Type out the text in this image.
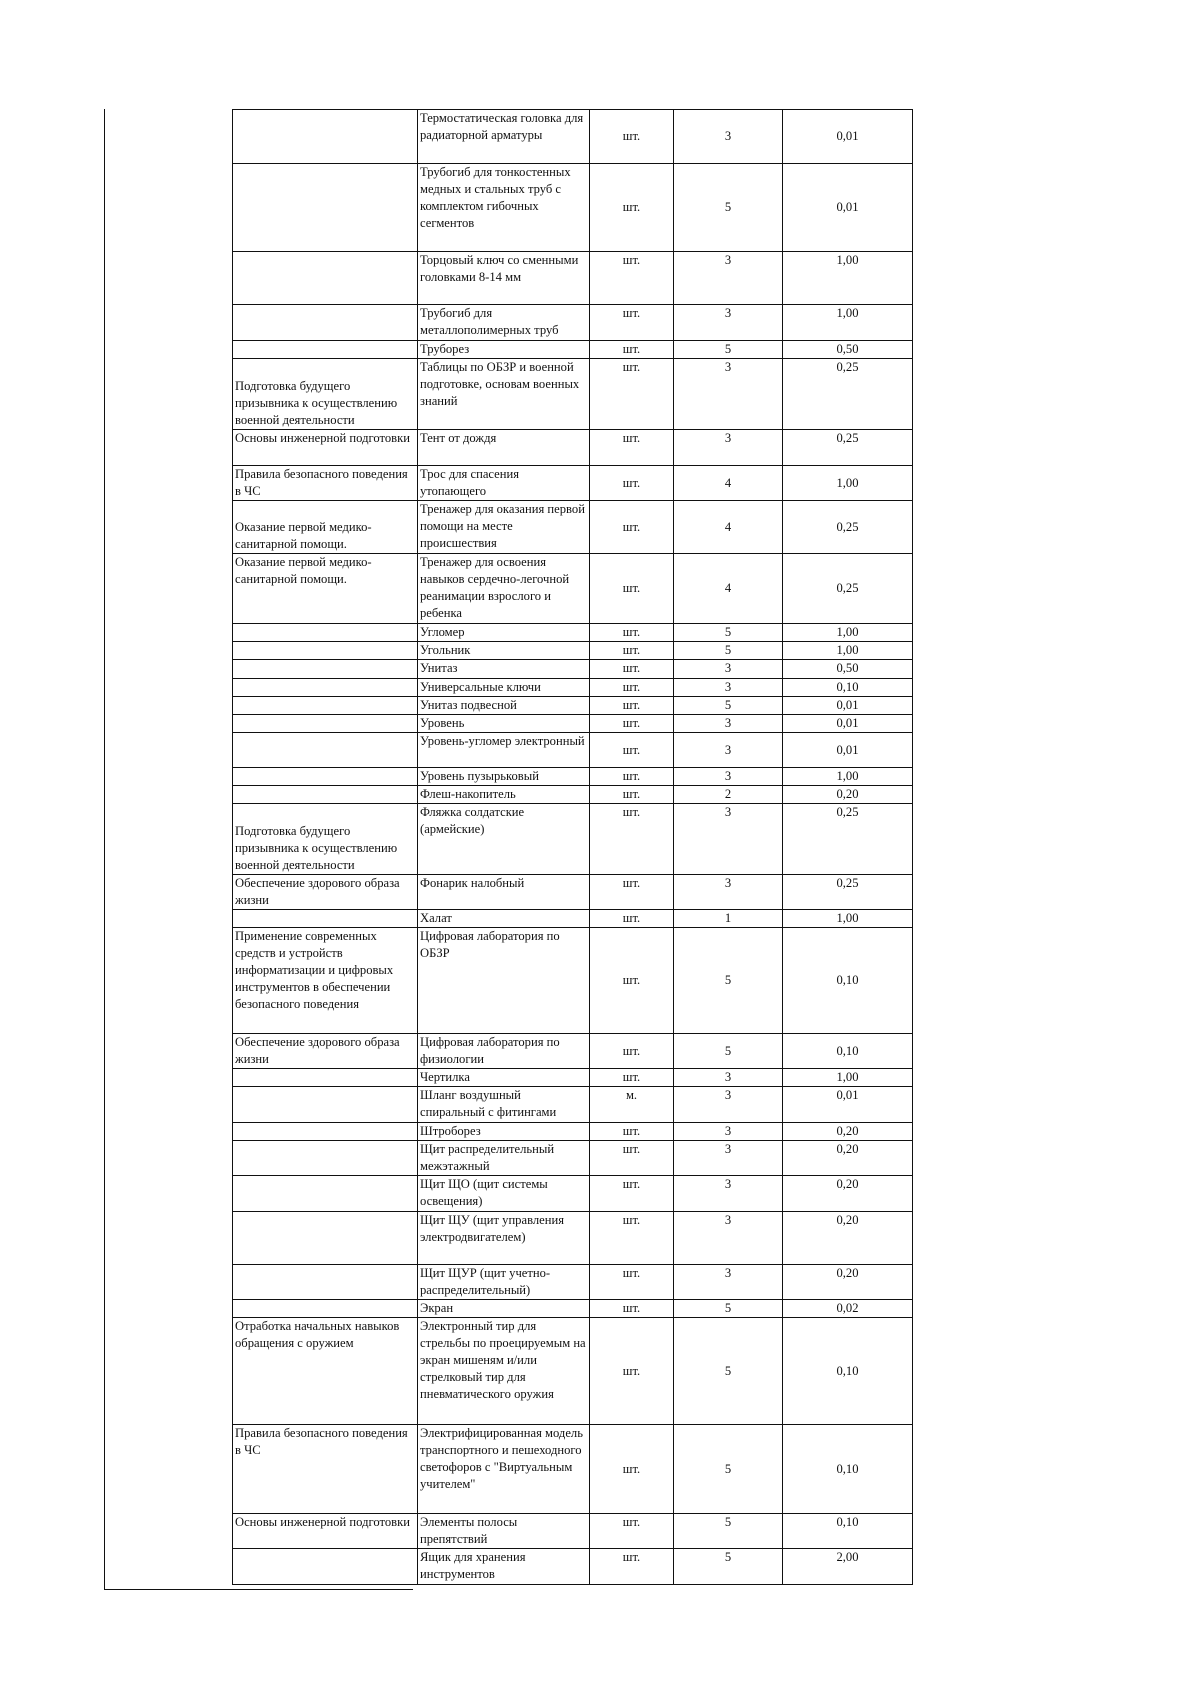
	Термостатическая головка для радиаторной арматуры	шт.	3	0,01
	Трубогиб для тонкостенных медных и стальных труб с комплектом гибочных сегментов	шт.	5	0,01
	Торцовый ключ со сменными головками 8-14 мм	шт.	3	1,00
	Трубогиб для металлополимерных труб	шт.	3	1,00
	Труборез	шт.	5	0,50
Подготовка будущего призывника к осуществлению военной деятельности	Таблицы по ОБЗР и военной подготовке, основам военных знаний	шт.	3	0,25
Основы инженерной подготовки	Тент от дождя	шт.	3	0,25
Правила безопасного поведения в ЧС	Трос для спасения утопающего	шт.	4	1,00
Оказание первой медико-санитарной помощи.	Тренажер для оказания первой помощи на месте происшествия	шт.	4	0,25
Оказание первой медико-санитарной помощи.	Тренажер для освоения навыков сердечно-легочной реанимации взрослого и ребенка	шт.	4	0,25
	Угломер	шт.	5	1,00
	Угольник	шт.	5	1,00
	Унитаз	шт.	3	0,50
	Универсальные ключи	шт.	3	0,10
	Унитаз подвесной	шт.	5	0,01
	Уровень	шт.	3	0,01
	Уровень-угломер электронный	шт.	3	0,01
	Уровень пузырьковый	шт.	3	1,00
	Флеш-накопитель	шт.	2	0,20
Подготовка будущего призывника к осуществлению военной деятельности	Фляжка солдатские (армейские)	шт.	3	0,25
Обеспечение здорового образа жизни	Фонарик налобный	шт.	3	0,25
	Халат	шт.	1	1,00
Применение современных средств и устройств информатизации и цифровых инструментов в обеспечении безопасного поведения	Цифровая лаборатория по ОБЗР	шт.	5	0,10
Обеспечение здорового образа жизни	Цифровая лаборатория по физиологии	шт.	5	0,10
	Чертилка	шт.	3	1,00
	Шланг воздушный спиральный с фитингами	м.	3	0,01
	Штроборез	шт.	3	0,20
	Щит распределительный межэтажный	шт.	3	0,20
	Щит ЩО (щит системы освещения)	шт.	3	0,20
	Щит ЩУ (щит управления электродвигателем)	шт.	3	0,20
	Щит ЩУР (щит учетно-распределительный)	шт.	3	0,20
	Экран	шт.	5	0,02
Отработка начальных навыков обращения с оружием	Электронный тир для стрельбы по проецируемым на экран мишеням и/или стрелковый тир для пневматического оружия	шт.	5	0,10
Правила безопасного поведения в ЧС	Электрифицированная модель транспортного и пешеходного светофоров с "Виртуальным учителем"	шт.	5	0,10
Основы инженерной подготовки	Элементы полосы препятствий	шт.	5	0,10
	Ящик для хранения инструментов	шт.	5	2,00
